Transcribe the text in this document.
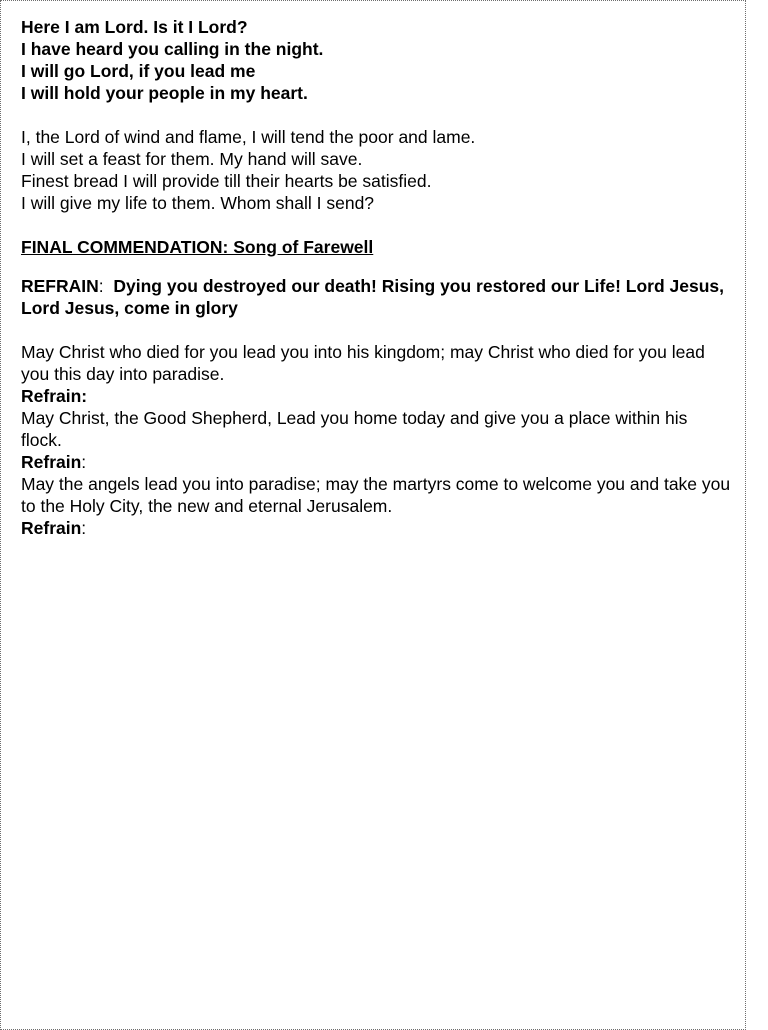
Here I am Lord. Is it I Lord?
I have heard you calling in the night.
I will go Lord, if you lead me
I will hold your people in my heart.
I, the Lord of wind and flame, I will tend the poor and lame.
I will set a feast for them. My hand will save.
Finest bread I will provide till their hearts be satisfied.
I will give my life to them. Whom shall I send?
FINAL COMMENDATION: Song of Farewell
REFRAIN:  Dying you destroyed our death! Rising you restored our Life! Lord Jesus, Lord Jesus, come in glory
May Christ who died for you lead you into his kingdom; may Christ who died for you lead you this day into paradise.
Refrain:
May Christ, the Good Shepherd, Lead you home today and give you a place within his flock.
Refrain:
May the angels lead you into paradise; may the martyrs come to welcome you and take you to the Holy City, the new and eternal Jerusalem.
Refrain:
